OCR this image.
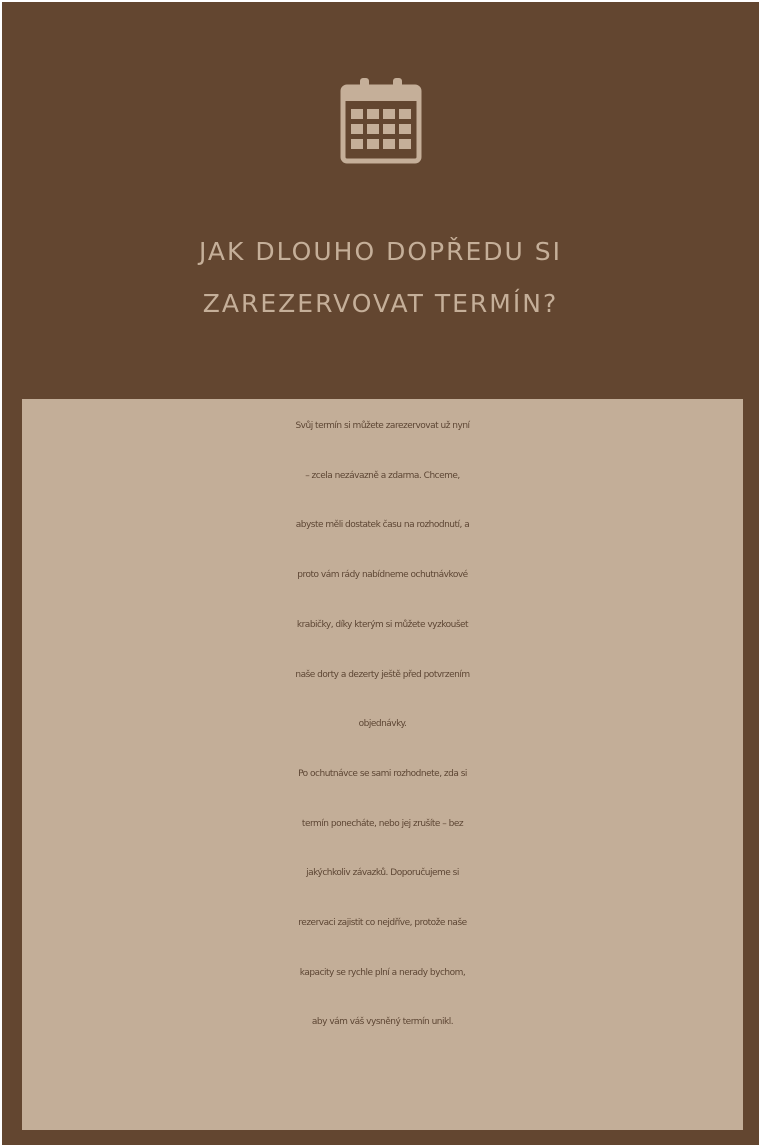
JAK DLOUHO DOPŘEDU SI
ZAREZERVOVAT TERMÍN?

Svůj termín si můžete zarezervovat už nyní
– zcela nezávazně a zdarma. Chceme,
abyste měli dostatek času na rozhodnutí, a
proto vám rády nabídneme ochutnávkové
krabičky, díky kterým si můžete vyzkoušet
naše dorty a dezerty ještě před potvrzením
objednávky.
Po ochutnávce se sami rozhodnete, zda si
termín ponecháte, nebo jej zrušíte – bez
jakýchkoliv závazků. Doporučujeme si
rezervaci zajistit co nejdříve, protože naše
kapacity se rychle plní a nerady bychom,
aby vám váš vysněný termín unikl.
